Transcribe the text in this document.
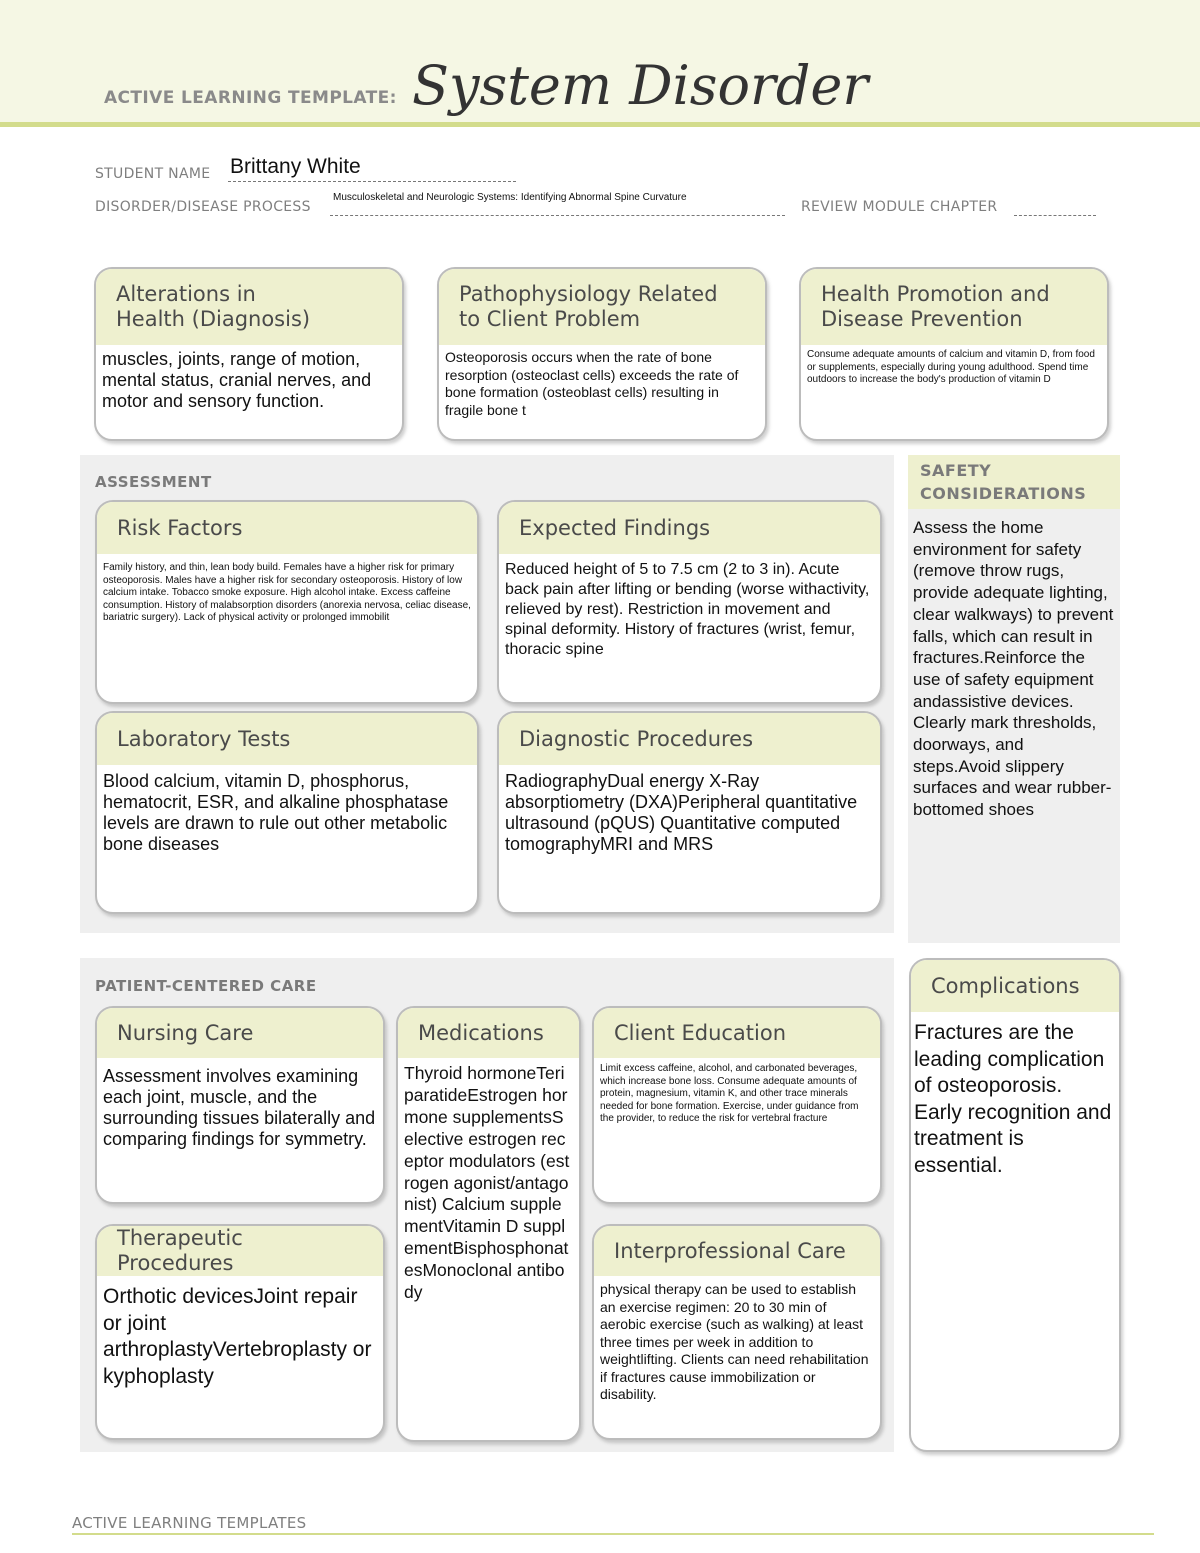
ACTIVE LEARNING TEMPLATE: System Disorder
STUDENT NAME Brittany White
DISORDER/DISEASE PROCESS
Musculoskeletal and Neurologic Systems: Identifying Abnormal Spine Curvature
REVIEW MODULE CHAPTER
Alterations in
Health (Diagnosis)
muscles, joints, range of motion, mental status, cranial nerves, and motor and sensory function.
Pathophysiology Related
to Client Problem
Osteoporosis occurs when the rate of bone resorption (osteoclast cells) exceeds the rate of bone formation (osteoblast cells) resulting in fragile bone t
Health Promotion and
Disease Prevention
Consume adequate amounts of calcium and vitamin D, from food or supplements, especially during young adulthood. Spend time outdoors to increase the body's production of vitamin D
ASSESSMENT
Risk Factors
Family history, and thin, lean body build. Females have a higher risk for primary osteoporosis. Males have a higher risk for secondary osteoporosis. History of low calcium intake. Tobacco smoke exposure. High alcohol intake. Excess caffeine consumption. History of malabsorption disorders (anorexia nervosa, celiac disease, bariatric surgery). Lack of physical activity or prolonged immobilit
Expected Findings
Reduced height of 5 to 7.5 cm (2 to 3 in). Acute back pain after lifting or bending (worse withactivity, relieved by rest). Restriction in movement and spinal deformity. History of fractures (wrist, femur, thoracic spine
Laboratory Tests
Blood calcium, vitamin D, phosphorus, hematocrit, ESR, and alkaline phosphatase levels are drawn to rule out other metabolic bone diseases
Diagnostic Procedures
RadiographyDual energy X-Ray absorptiometry (DXA)Peripheral quantitative ultrasound (pQUS) Quantitative computed tomographyMRI and MRS
SAFETY
CONSIDERATIONS
Assess the home environment for safety (remove throw rugs, provide adequate lighting, clear walkways) to prevent falls, which can result in fractures.Reinforce the use of safety equipment andassistive devices. Clearly mark thresholds, doorways, and steps.Avoid slippery surfaces and wear rubber-bottomed shoes
PATIENT-CENTERED CARE
Nursing Care
Assessment involves examining each joint, muscle, and the surrounding tissues bilaterally and comparing findings for symmetry.
Medications
Thyroid hormoneTeriparatideEstrogen hormone supplementsSelective estrogen receptor modulators (estrogen agonist/antagonist) Calcium supplementVitamin D supplementBisphosphonatesMonoclonal antibody
Client Education
Limit excess caffeine, alcohol, and carbonated beverages, which increase bone loss. Consume adequate amounts of protein, magnesium, vitamin K, and other trace minerals needed for bone formation. Exercise, under guidance from the provider, to reduce the risk for vertebral fracture
Therapeutic Procedures
Orthotic devicesJoint repair or joint arthroplastyVertebroplasty or kyphoplasty
Interprofessional Care
physical therapy can be used to establish an exercise regimen: 20 to 30 min of aerobic exercise (such as walking) at least three times per week in addition to weightlifting. Clients can need rehabilitation if fractures cause immobilization or disability.
Complications
Fractures are the leading complication of osteoporosis. Early recognition and treatment is essential.
ACTIVE LEARNING TEMPLATES
